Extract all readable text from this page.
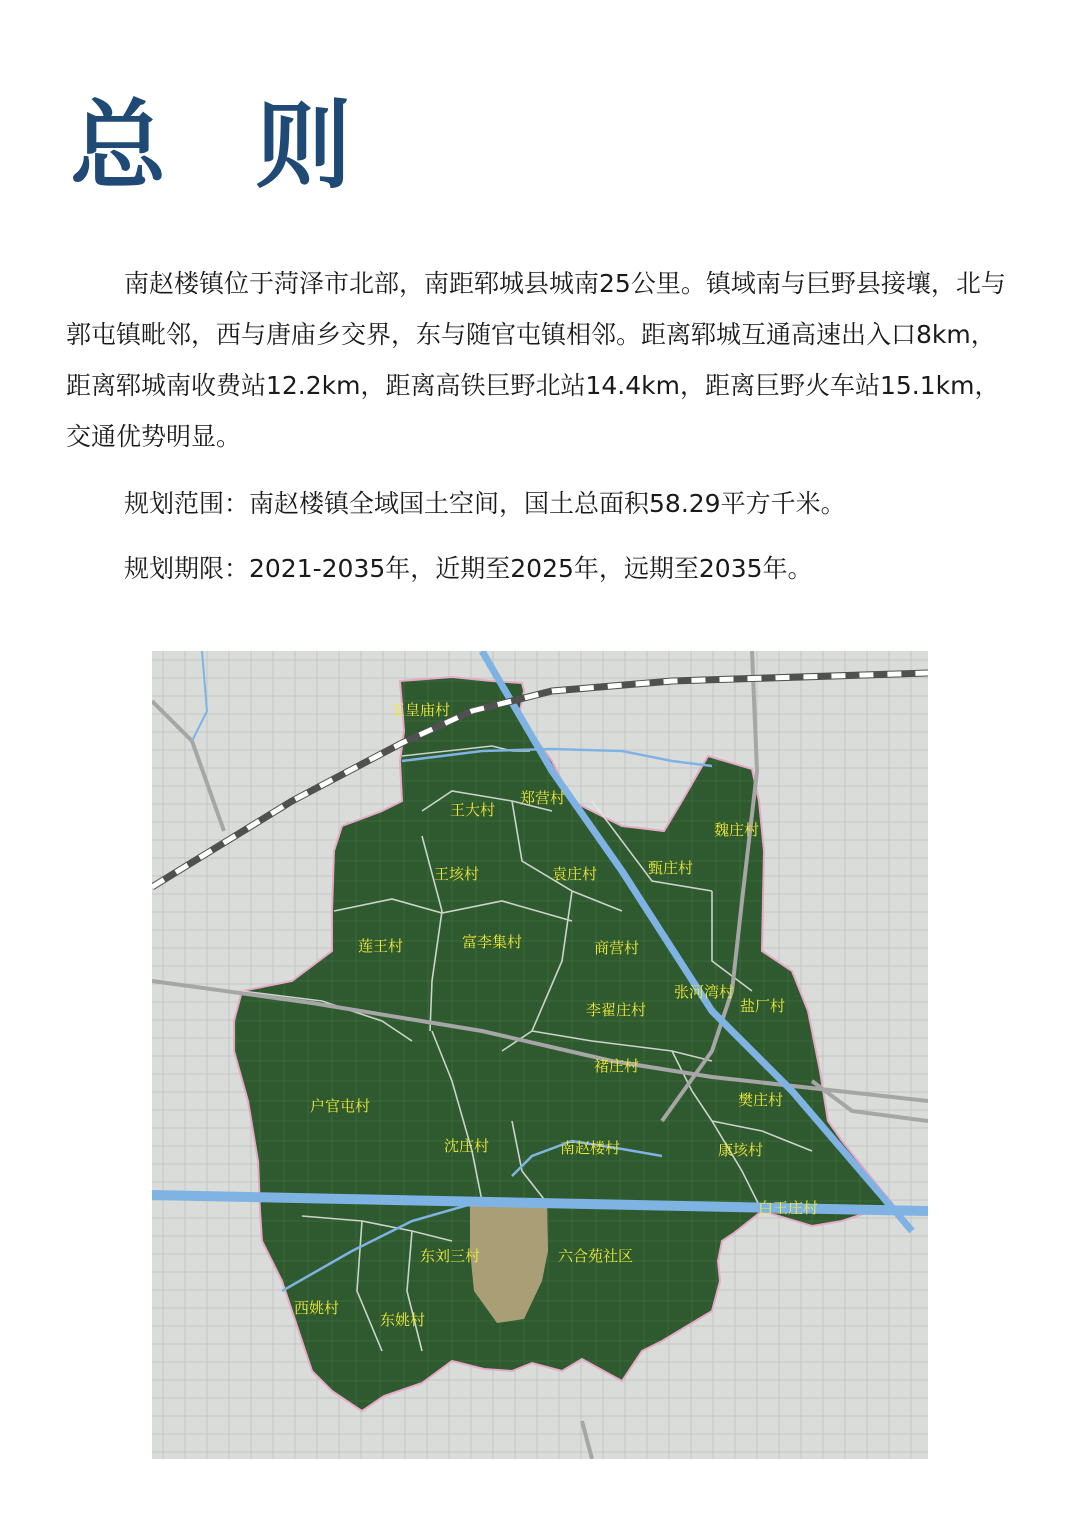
总 则

南赵楼镇位于菏泽市北部，南距郓城县城南25公里。镇域南与巨野县接壤，北与郭屯镇毗邻，西与唐庙乡交界，东与随官屯镇相邻。距离郓城互通高速出入口8km，距离郓城南收费站12.2km，距离高铁巨野北站14.4km，距离巨野火车站15.1km，交通优势明显。

规划范围：南赵楼镇全域国土空间，国土总面积58.29平方千米。

规划期限：2021-2035年，近期至2025年，远期至2035年。

玉皇庙村
郑营村
王大村
魏庄村
甄庄村
王垓村	袁庄村
莲王村	富李集村	商营村
张河湾村
盐厂村
李翟庄村
褚庄村
户官屯村	樊庄村
沈庄村	南赵楼村	康垓村
白王庄村
东刘三村	六合苑社区
西姚村
东姚村
